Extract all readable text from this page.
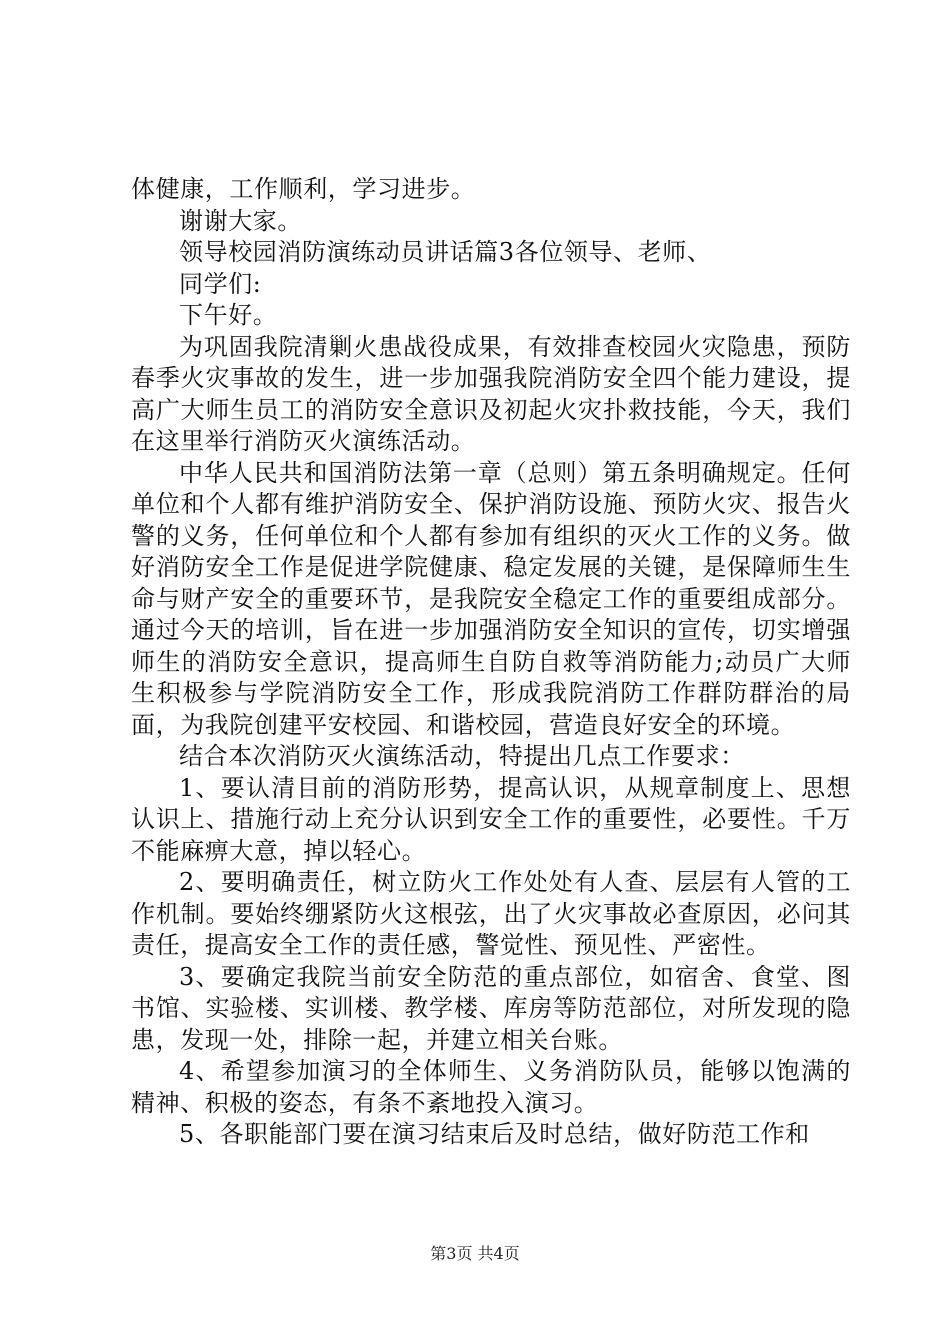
体健康，工作顺利，学习进步。

谢谢大家。

领导校园消防演练动员讲话篇3各位领导、老师、

同学们:

下午好。

为巩固我院清剿火患战役成果，有效排查校园火灾隐患，预防春季火灾事故的发生，进一步加强我院消防安全四个能力建设，提高广大师生员工的消防安全意识及初起火灾扑救技能，今天，我们在这里举行消防灭火演练活动。

中华人民共和国消防法第一章（总则）第五条明确规定。任何单位和个人都有维护消防安全、保护消防设施、预防火灾、报告火警的义务，任何单位和个人都有参加有组织的灭火工作的义务。做好消防安全工作是促进学院健康、稳定发展的关键，是保障师生生命与财产安全的重要环节，是我院安全稳定工作的重要组成部分。通过今天的培训，旨在进一步加强消防安全知识的宣传，切实增强师生的消防安全意识，提高师生自防自救等消防能力;动员广大师生积极参与学院消防安全工作，形成我院消防工作群防群治的局面，为我院创建平安校园、和谐校园，营造良好安全的环境。

结合本次消防灭火演练活动，特提出几点工作要求：

1、要认清目前的消防形势，提高认识，从规章制度上、思想认识上、措施行动上充分认识到安全工作的重要性，必要性。千万不能麻痹大意，掉以轻心。

2、要明确责任，树立防火工作处处有人查、层层有人管的工作机制。要始终绷紧防火这根弦，出了火灾事故必查原因，必问其责任，提高安全工作的责任感，警觉性、预见性、严密性。

3、要确定我院当前安全防范的重点部位，如宿舍、食堂、图书馆、实验楼、实训楼、教学楼、库房等防范部位，对所发现的隐患，发现一处，排除一起，并建立相关台账。

4、希望参加演习的全体师生、义务消防队员，能够以饱满的精神、积极的姿态，有条不紊地投入演习。

5、各职能部门要在演习结束后及时总结，做好防范工作和

第3页 共4页
